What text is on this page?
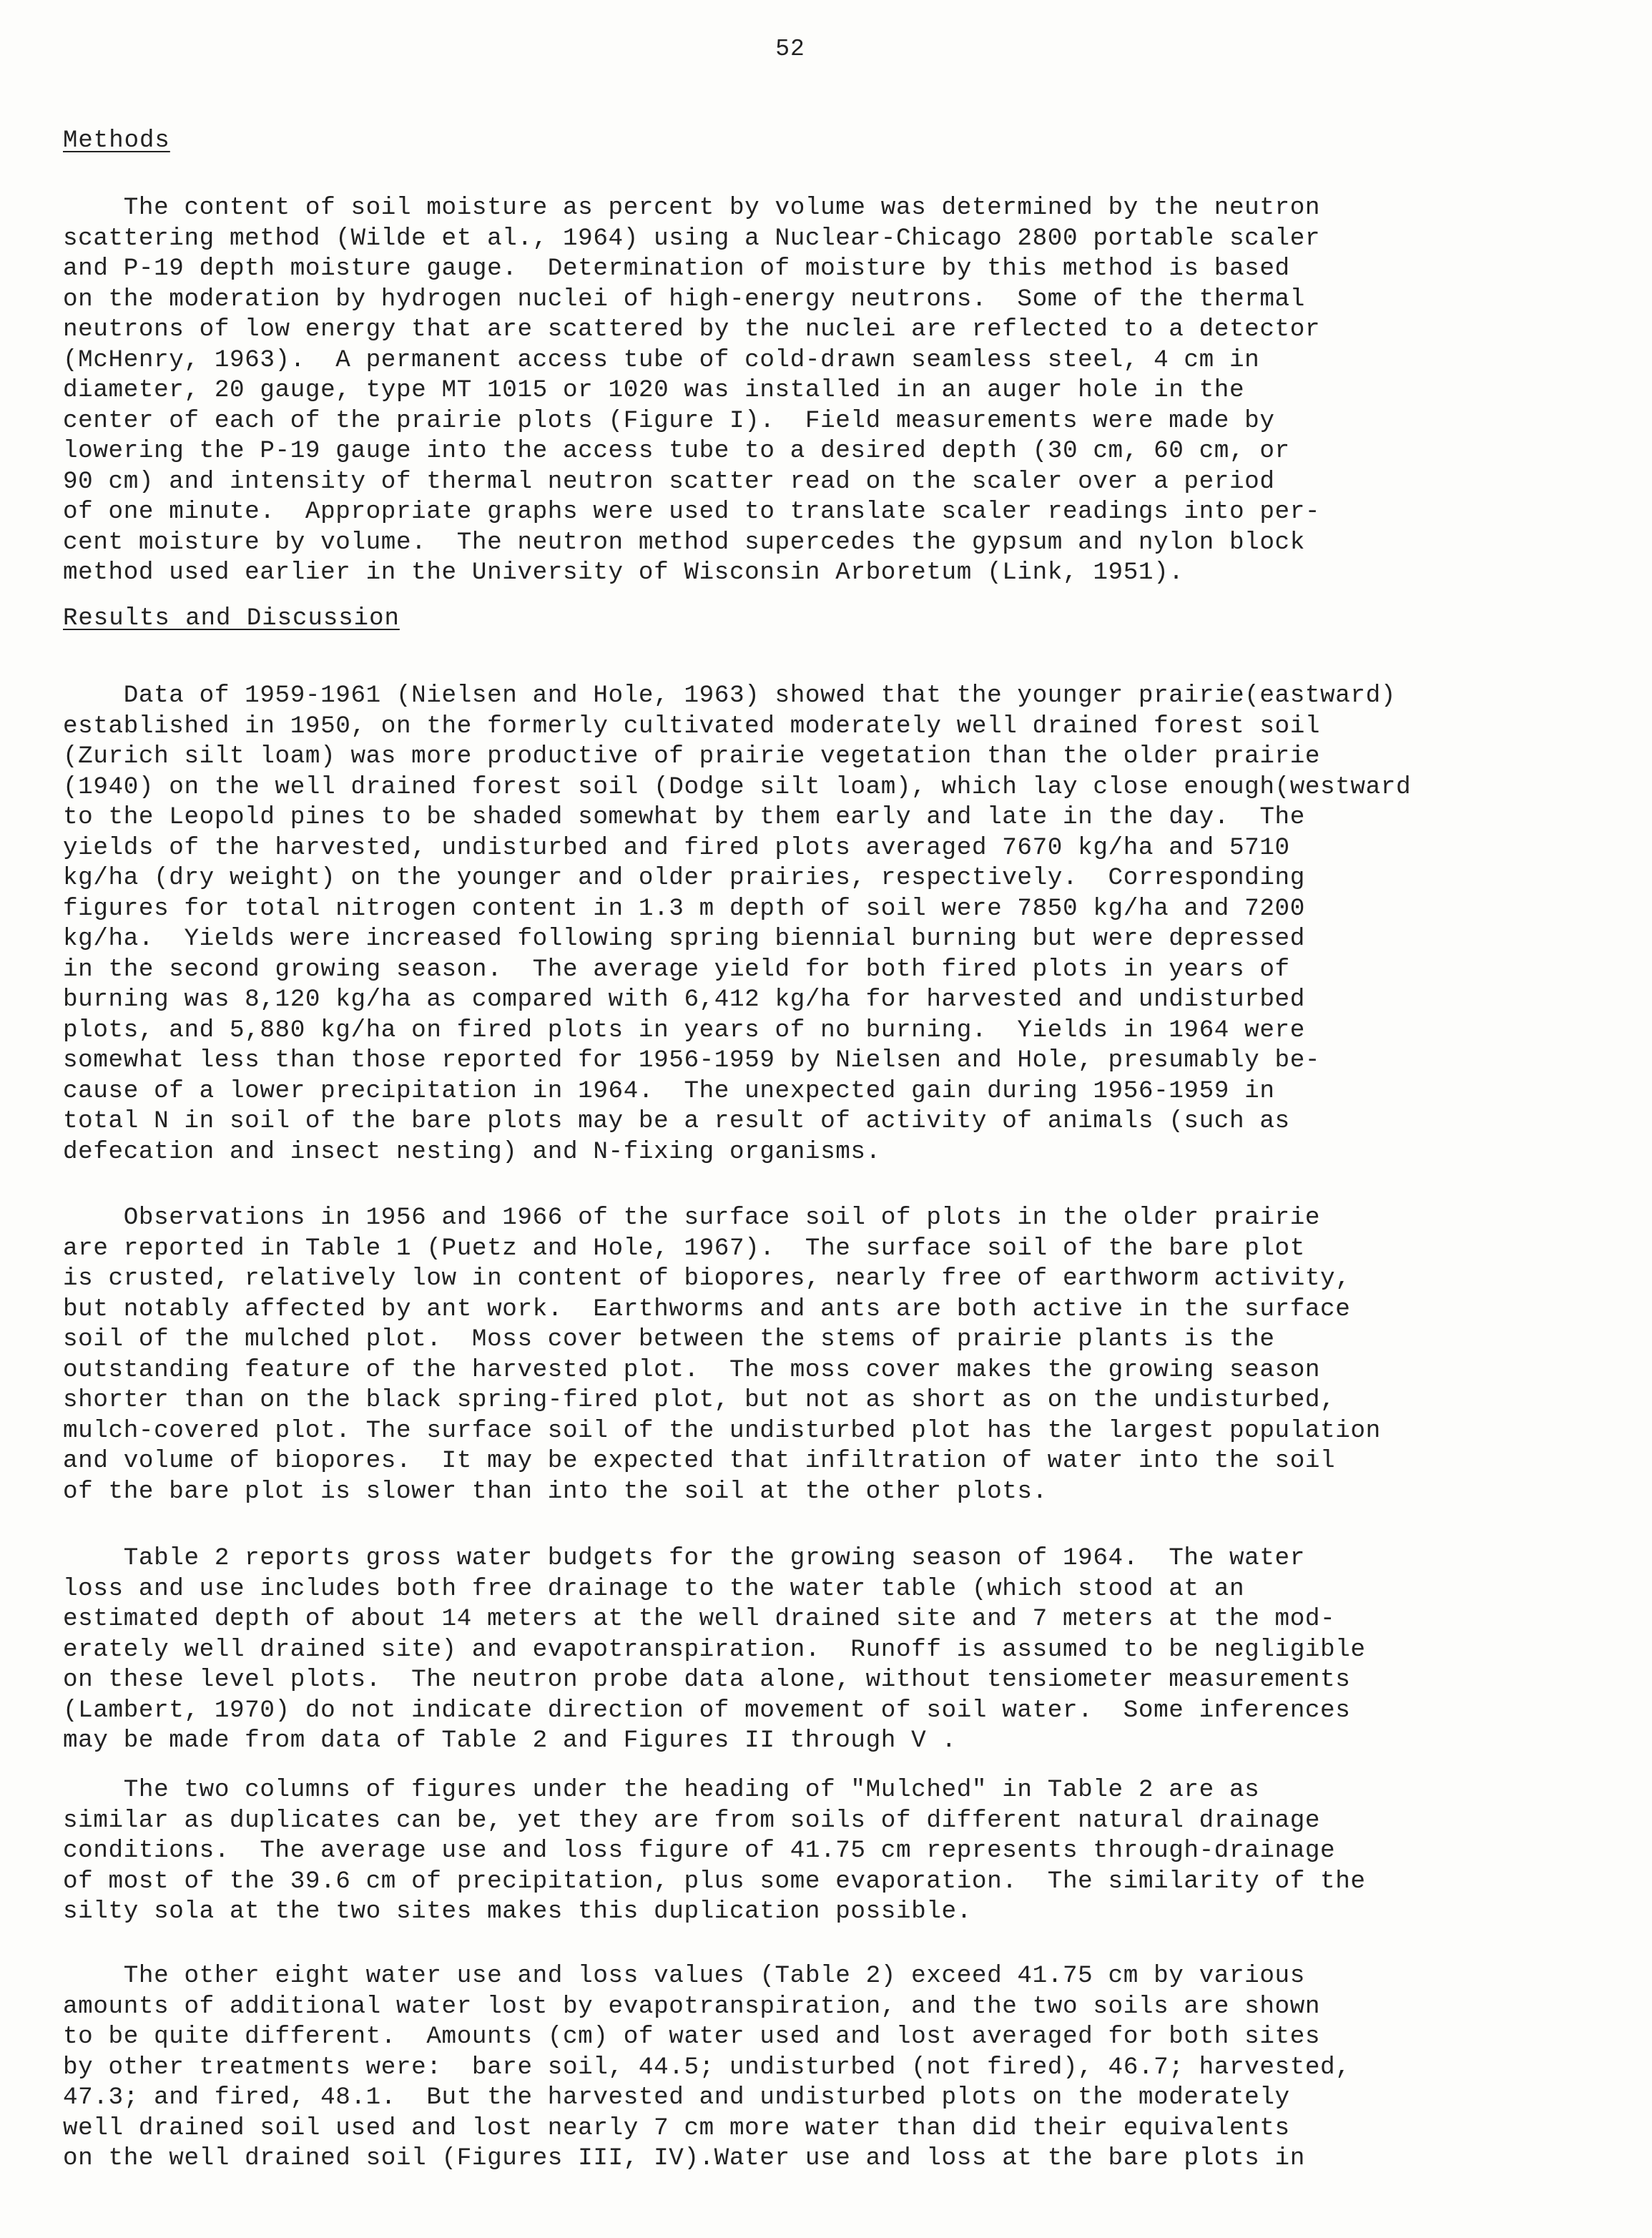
52
Methods
The content of soil moisture as percent by volume was determined by the neutron
scattering method (Wilde et al., 1964) using a Nuclear-Chicago 2800 portable scaler
and P-19 depth moisture gauge.  Determination of moisture by this method is based
on the moderation by hydrogen nuclei of high-energy neutrons.  Some of the thermal
neutrons of low energy that are scattered by the nuclei are reflected to a detector
(McHenry, 1963).  A permanent access tube of cold-drawn seamless steel, 4 cm in
diameter, 20 gauge, type MT 1015 or 1020 was installed in an auger hole in the
center of each of the prairie plots (Figure I).  Field measurements were made by
lowering the P-19 gauge into the access tube to a desired depth (30 cm, 60 cm, or
90 cm) and intensity of thermal neutron scatter read on the scaler over a period
of one minute.  Appropriate graphs were used to translate scaler readings into per-
cent moisture by volume.  The neutron method supercedes the gypsum and nylon block
method used earlier in the University of Wisconsin Arboretum (Link, 1951).
Results and Discussion
Data of 1959-1961 (Nielsen and Hole, 1963) showed that the younger prairie(eastward)
established in 1950, on the formerly cultivated moderately well drained forest soil
(Zurich silt loam) was more productive of prairie vegetation than the older prairie
(1940) on the well drained forest soil (Dodge silt loam), which lay close enough(westward
to the Leopold pines to be shaded somewhat by them early and late in the day.  The
yields of the harvested, undisturbed and fired plots averaged 7670 kg/ha and 5710
kg/ha (dry weight) on the younger and older prairies, respectively.  Corresponding
figures for total nitrogen content in 1.3 m depth of soil were 7850 kg/ha and 7200
kg/ha.  Yields were increased following spring biennial burning but were depressed
in the second growing season.  The average yield for both fired plots in years of
burning was 8,120 kg/ha as compared with 6,412 kg/ha for harvested and undisturbed
plots, and 5,880 kg/ha on fired plots in years of no burning.  Yields in 1964 were
somewhat less than those reported for 1956-1959 by Nielsen and Hole, presumably be-
cause of a lower precipitation in 1964.  The unexpected gain during 1956-1959 in
total N in soil of the bare plots may be a result of activity of animals (such as
defecation and insect nesting) and N-fixing organisms.
Observations in 1956 and 1966 of the surface soil of plots in the older prairie
are reported in Table 1 (Puetz and Hole, 1967).  The surface soil of the bare plot
is crusted, relatively low in content of biopores, nearly free of earthworm activity,
but notably affected by ant work.  Earthworms and ants are both active in the surface
soil of the mulched plot.  Moss cover between the stems of prairie plants is the
outstanding feature of the harvested plot.  The moss cover makes the growing season
shorter than on the black spring-fired plot, but not as short as on the undisturbed,
mulch-covered plot. The surface soil of the undisturbed plot has the largest population
and volume of biopores.  It may be expected that infiltration of water into the soil
of the bare plot is slower than into the soil at the other plots.
Table 2 reports gross water budgets for the growing season of 1964.  The water
loss and use includes both free drainage to the water table (which stood at an
estimated depth of about 14 meters at the well drained site and 7 meters at the mod-
erately well drained site) and evapotranspiration.  Runoff is assumed to be negligible
on these level plots.  The neutron probe data alone, without tensiometer measurements
(Lambert, 1970) do not indicate direction of movement of soil water.  Some inferences
may be made from data of Table 2 and Figures II through V .
The two columns of figures under the heading of "Mulched" in Table 2 are as
similar as duplicates can be, yet they are from soils of different natural drainage
conditions.  The average use and loss figure of 41.75 cm represents through-drainage
of most of the 39.6 cm of precipitation, plus some evaporation.  The similarity of the
silty sola at the two sites makes this duplication possible.
The other eight water use and loss values (Table 2) exceed 41.75 cm by various
amounts of additional water lost by evapotranspiration, and the two soils are shown
to be quite different.  Amounts (cm) of water used and lost averaged for both sites
by other treatments were:  bare soil, 44.5; undisturbed (not fired), 46.7; harvested,
47.3; and fired, 48.1.  But the harvested and undisturbed plots on the moderately
well drained soil used and lost nearly 7 cm more water than did their equivalents
on the well drained soil (Figures III, IV).Water use and loss at the bare plots in
